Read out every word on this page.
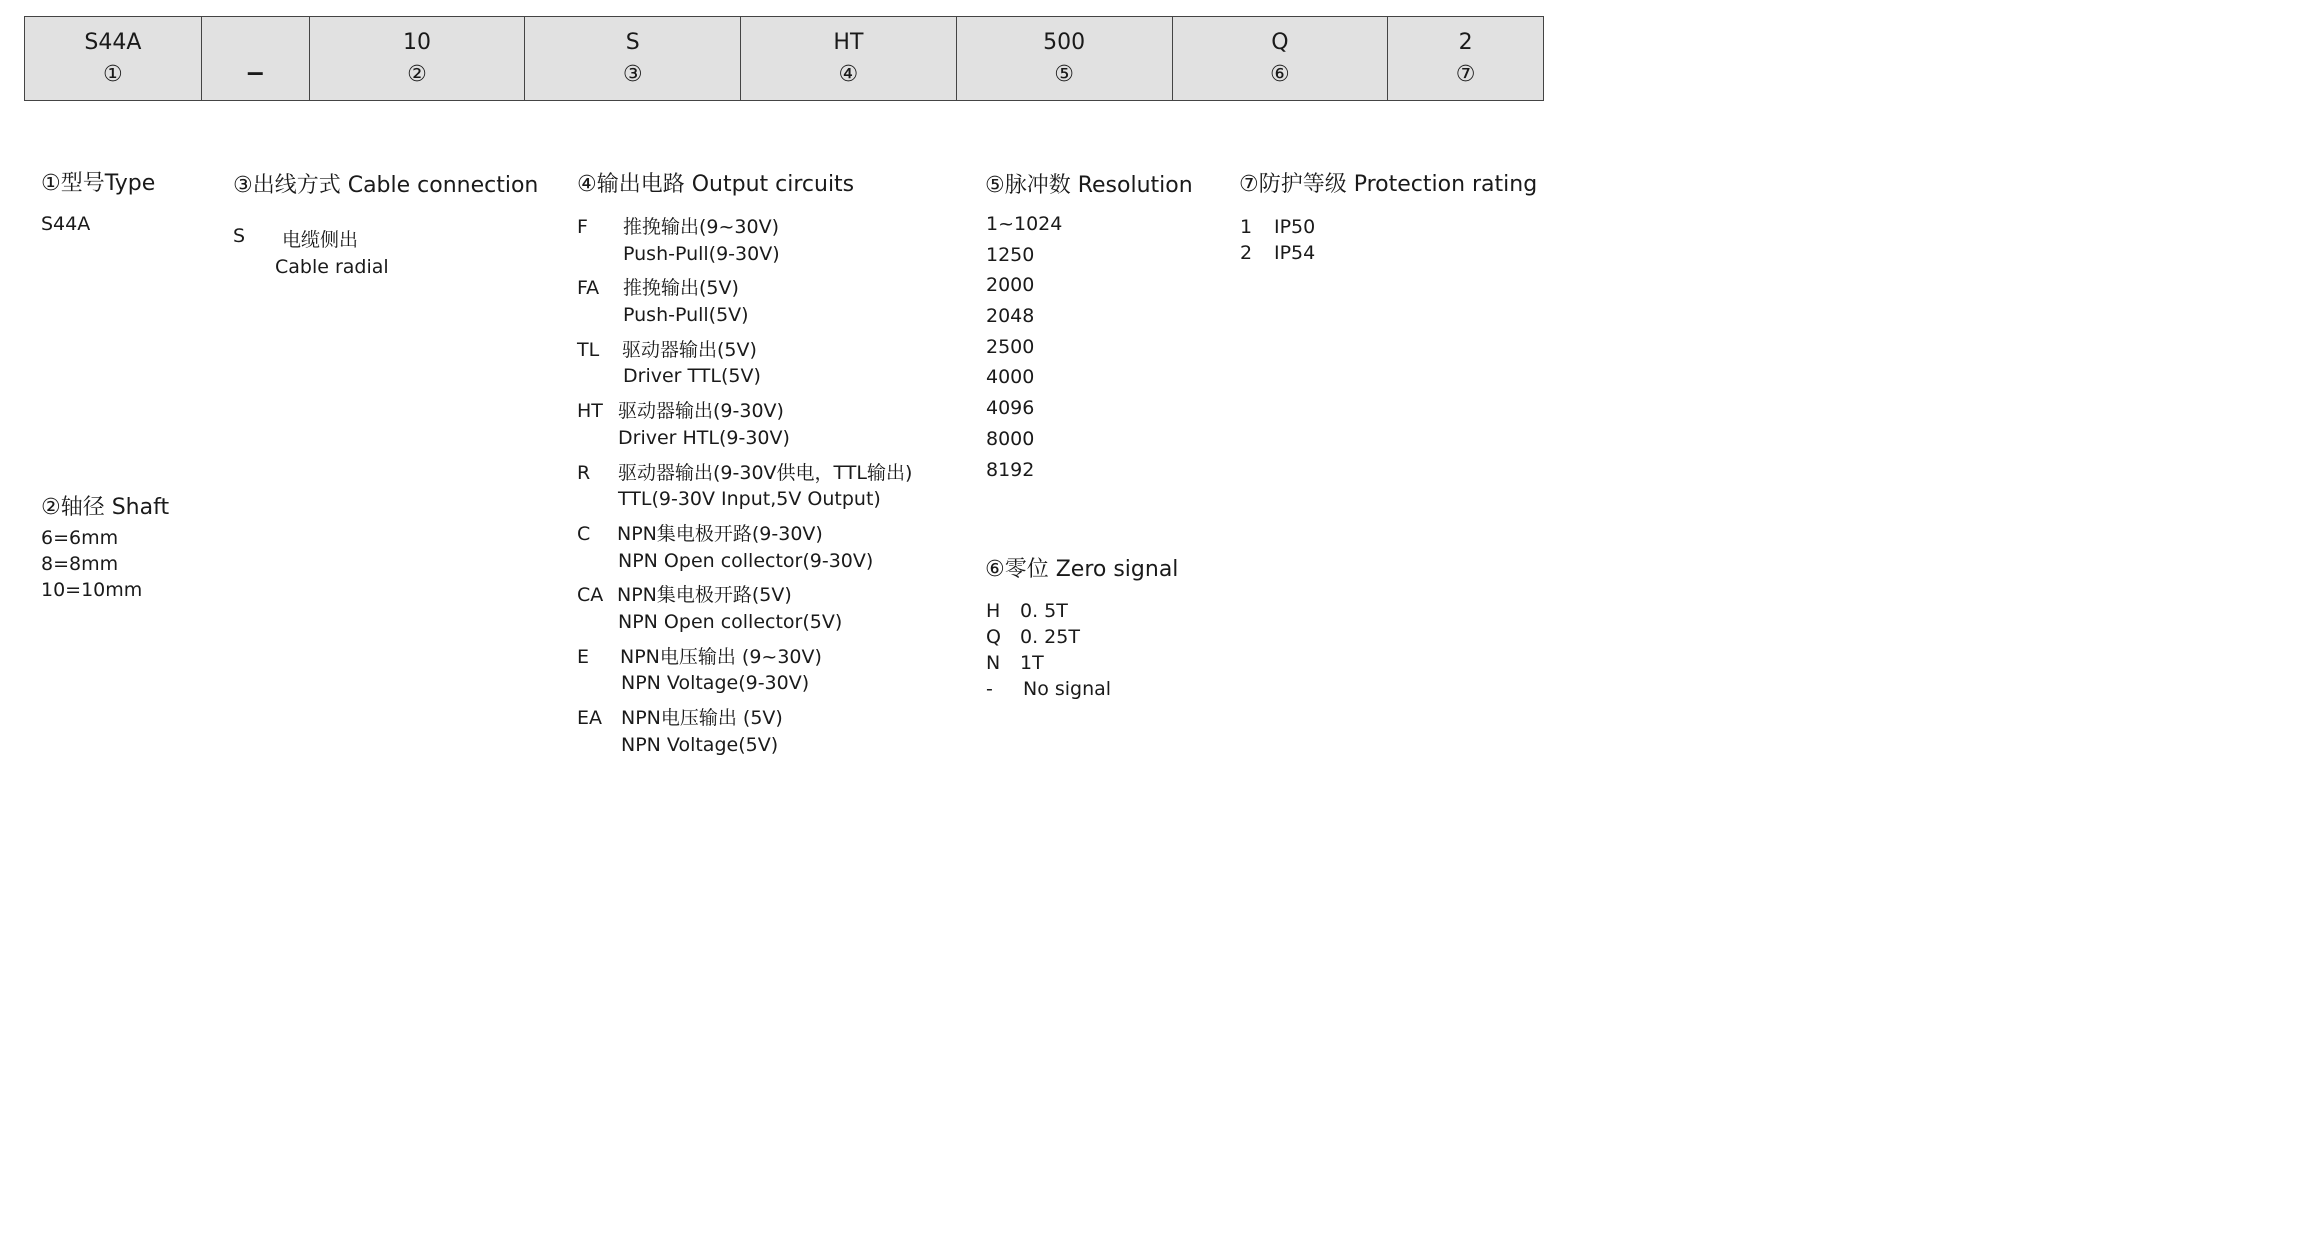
S44A
①	_	10
②
S
③
HT
④
500
⑤
Q
⑥
2
⑦
①型号Type
S44A
②轴径 Shaft
6=6mm
8=8mm
10=10mm
③出线方式 Cable connection
S 电缆侧出
Cable radial
④输出电路 Output circuits
F 推挽输出(9~30V)
Push-Pull(9-30V)
FA 推挽输出(5V)
Push-Pull(5V)
TL 驱动器输出(5V)
Driver TTL(5V)
HT 驱动器输出(9-30V)
Driver HTL(9-30V)
R 驱动器输出(9-30V供电，TTL输出)
TTL(9-30V Input,5V Output)
C NPN集电极开路(9-30V)
NPN Open collector(9-30V)
CA NPN集电极开路(5V)
NPN Open collector(5V)
E NPN电压输出 (9~30V)
NPN Voltage(9-30V)
EA NPN电压输出 (5V)
NPN Voltage(5V)
⑤脉冲数 Resolution
1~1024
1250
2000
2048
2500
4000
4096
8000
8192
⑥零位 Zero signal
H 0. 5T
Q 0. 25T
N 1T
- No signal
⑦防护等级 Protection rating
1 IP50
2 IP54
